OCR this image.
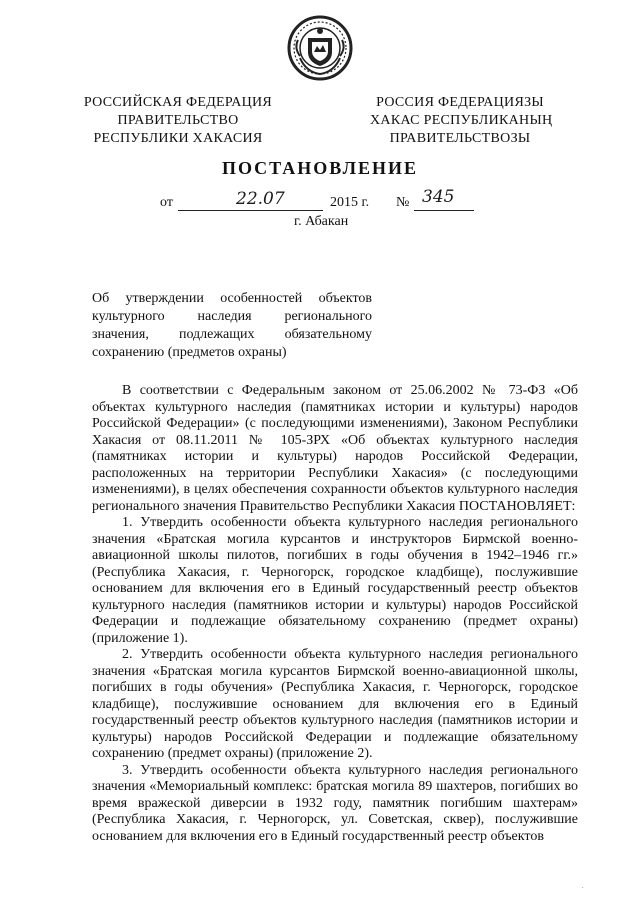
РОССИЙСКАЯ ФЕДЕРАЦИЯ
ПРАВИТЕЛЬСТВО
РЕСПУБЛИКИ ХАКАСИЯ
РОССИЯ ФЕДЕРАЦИЯЗЫ
ХАКАС РЕСПУБЛИКАНЫҢ
ПРАВИТЕЛЬСТВОЗЫ
ПОСТАНОВЛЕНИЕ
от	22.07	2015 г. № 345
г. Абакан
Об утверждении особенностей объектов культурного наследия регионального значения, подлежащих обязательному сохранению (предметов охраны)

В соответствии с Федеральным законом от 25.06.2002 № 73-ФЗ «Об объектах культурного наследия (памятниках истории и культуры) народов Российской Федерации» (с последующими изменениями), Законом Республики Хакасия от 08.11.2011 № 105-ЗРХ «Об объектах культурного наследия (памятниках истории и культуры) народов Российской Федерации, расположенных на территории Республики Хакасия» (с последующими изменениями), в целях обеспечения сохранности объектов культурного наследия регионального значения Правительство Республики Хакасия ПОСТАНОВЛЯЕТ:

1. Утвердить особенности объекта культурного наследия регионального значения «Братская могила курсантов и инструкторов Бирмской военно-авиационной школы пилотов, погибших в годы обучения в 1942–1946 гг.» (Республика Хакасия, г. Черногорск, городское кладбище), послужившие основанием для включения его в Единый государственный реестр объектов культурного наследия (памятников истории и культуры) народов Российской Федерации и подлежащие обязательному сохранению (предмет охраны) (приложение 1).

2. Утвердить особенности объекта культурного наследия регионального значения «Братская могила курсантов Бирмской военно-авиационной школы, погибших в годы обучения» (Республика Хакасия, г. Черногорск, городское кладбище), послужившие основанием для включения его в Единый государственный реестр объектов культурного наследия (памятников истории и культуры) народов Российской Федерации и подлежащие обязательному сохранению (предмет охраны) (приложение 2).

3. Утвердить особенности объекта культурного наследия регионального значения «Мемориальный комплекс: братская могила 89 шахтеров, погибших во время вражеской диверсии в 1932 году, памятник погибшим шахтерам» (Республика Хакасия, г. Черногорск, ул. Советская, сквер), послужившие основанием для включения его в Единый государственный реестр объектов

.
